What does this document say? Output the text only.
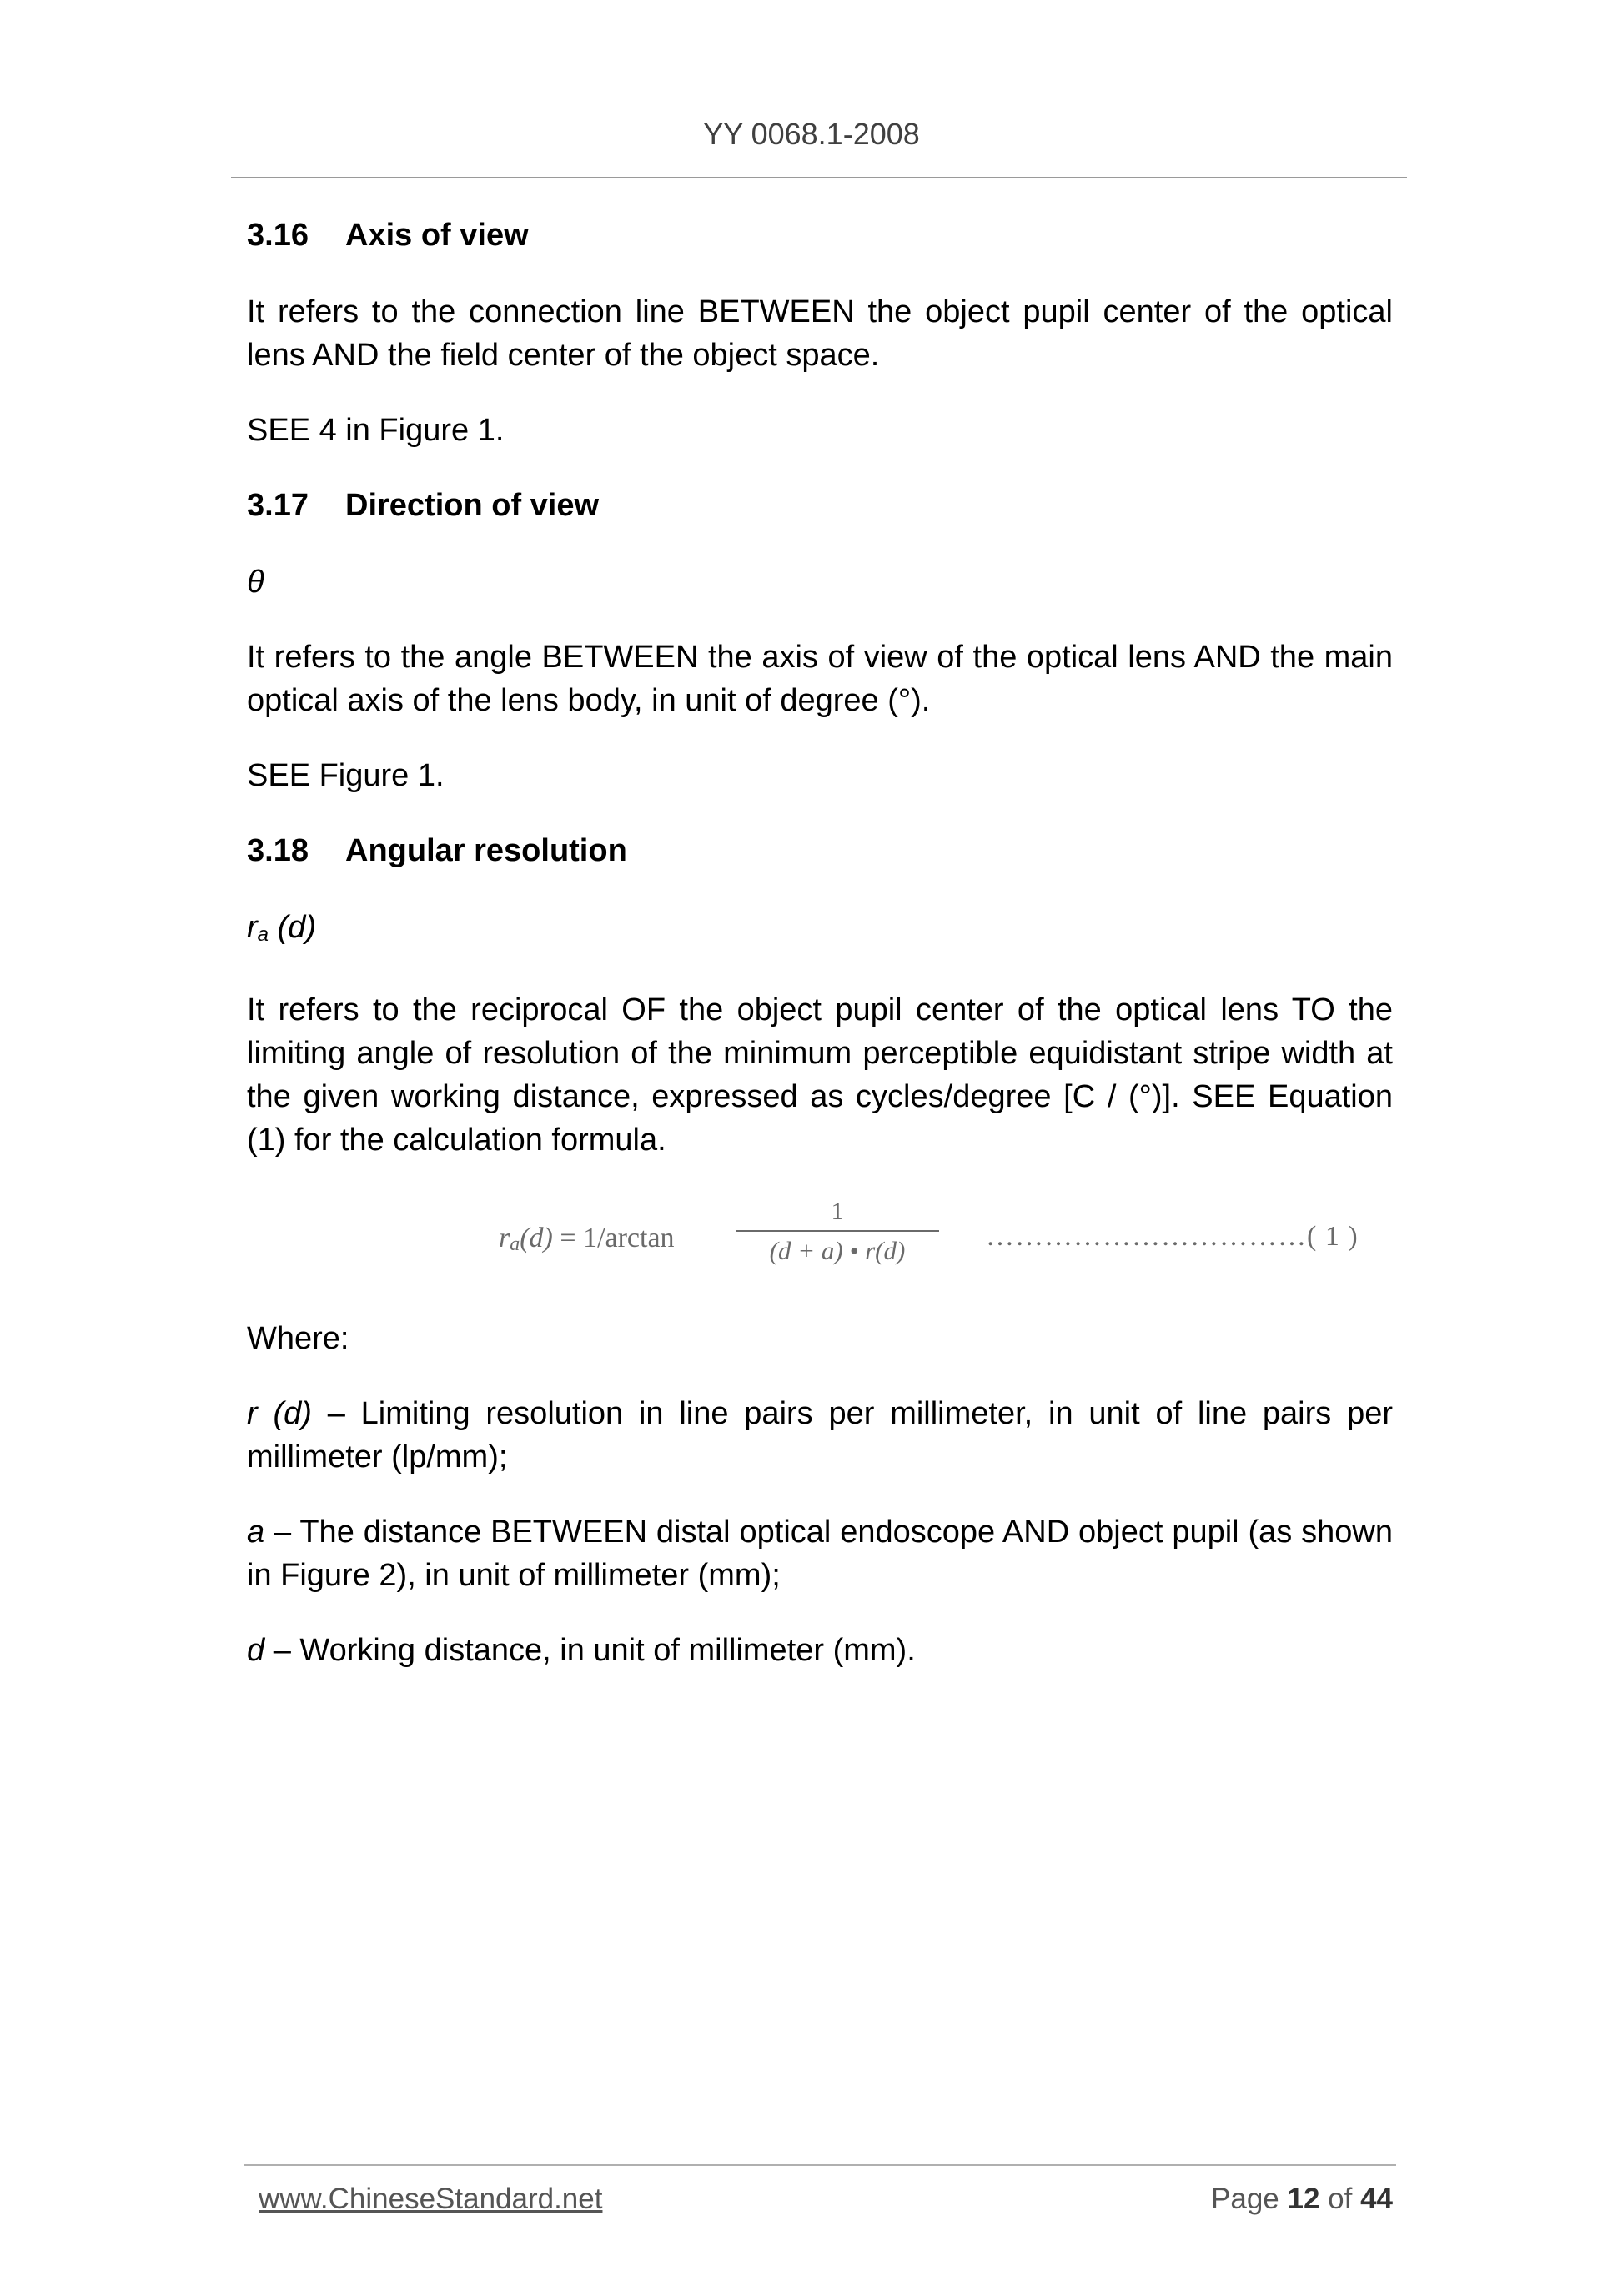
YY 0068.1-2008
3.16 Axis of view

It refers to the connection line BETWEEN the object pupil center of the optical lens AND the field center of the object space.

SEE 4 in Figure 1.

3.17 Direction of view

θ

It refers to the angle BETWEEN the axis of view of the optical lens AND the main optical axis of the lens body, in unit of degree (°).

SEE Figure 1.

3.18 Angular resolution

ra (d)

It refers to the reciprocal OF the object pupil center of the optical lens TO the limiting angle of resolution of the minimum perceptible equidistant stripe width at the given working distance, expressed as cycles/degree [C / (°)]. SEE Equation (1) for the calculation formula.

ra(d) = 1/arctan
1
(d + a) • r(d)	……………………………( 1 )

Where:

r (d) – Limiting resolution in line pairs per millimeter, in unit of line pairs per millimeter (lp/mm);

a – The distance BETWEEN distal optical endoscope AND object pupil (as shown in Figure 2), in unit of millimeter (mm);

d – Working distance, in unit of millimeter (mm).

www.ChineseStandard.net	Page 12 of 44
